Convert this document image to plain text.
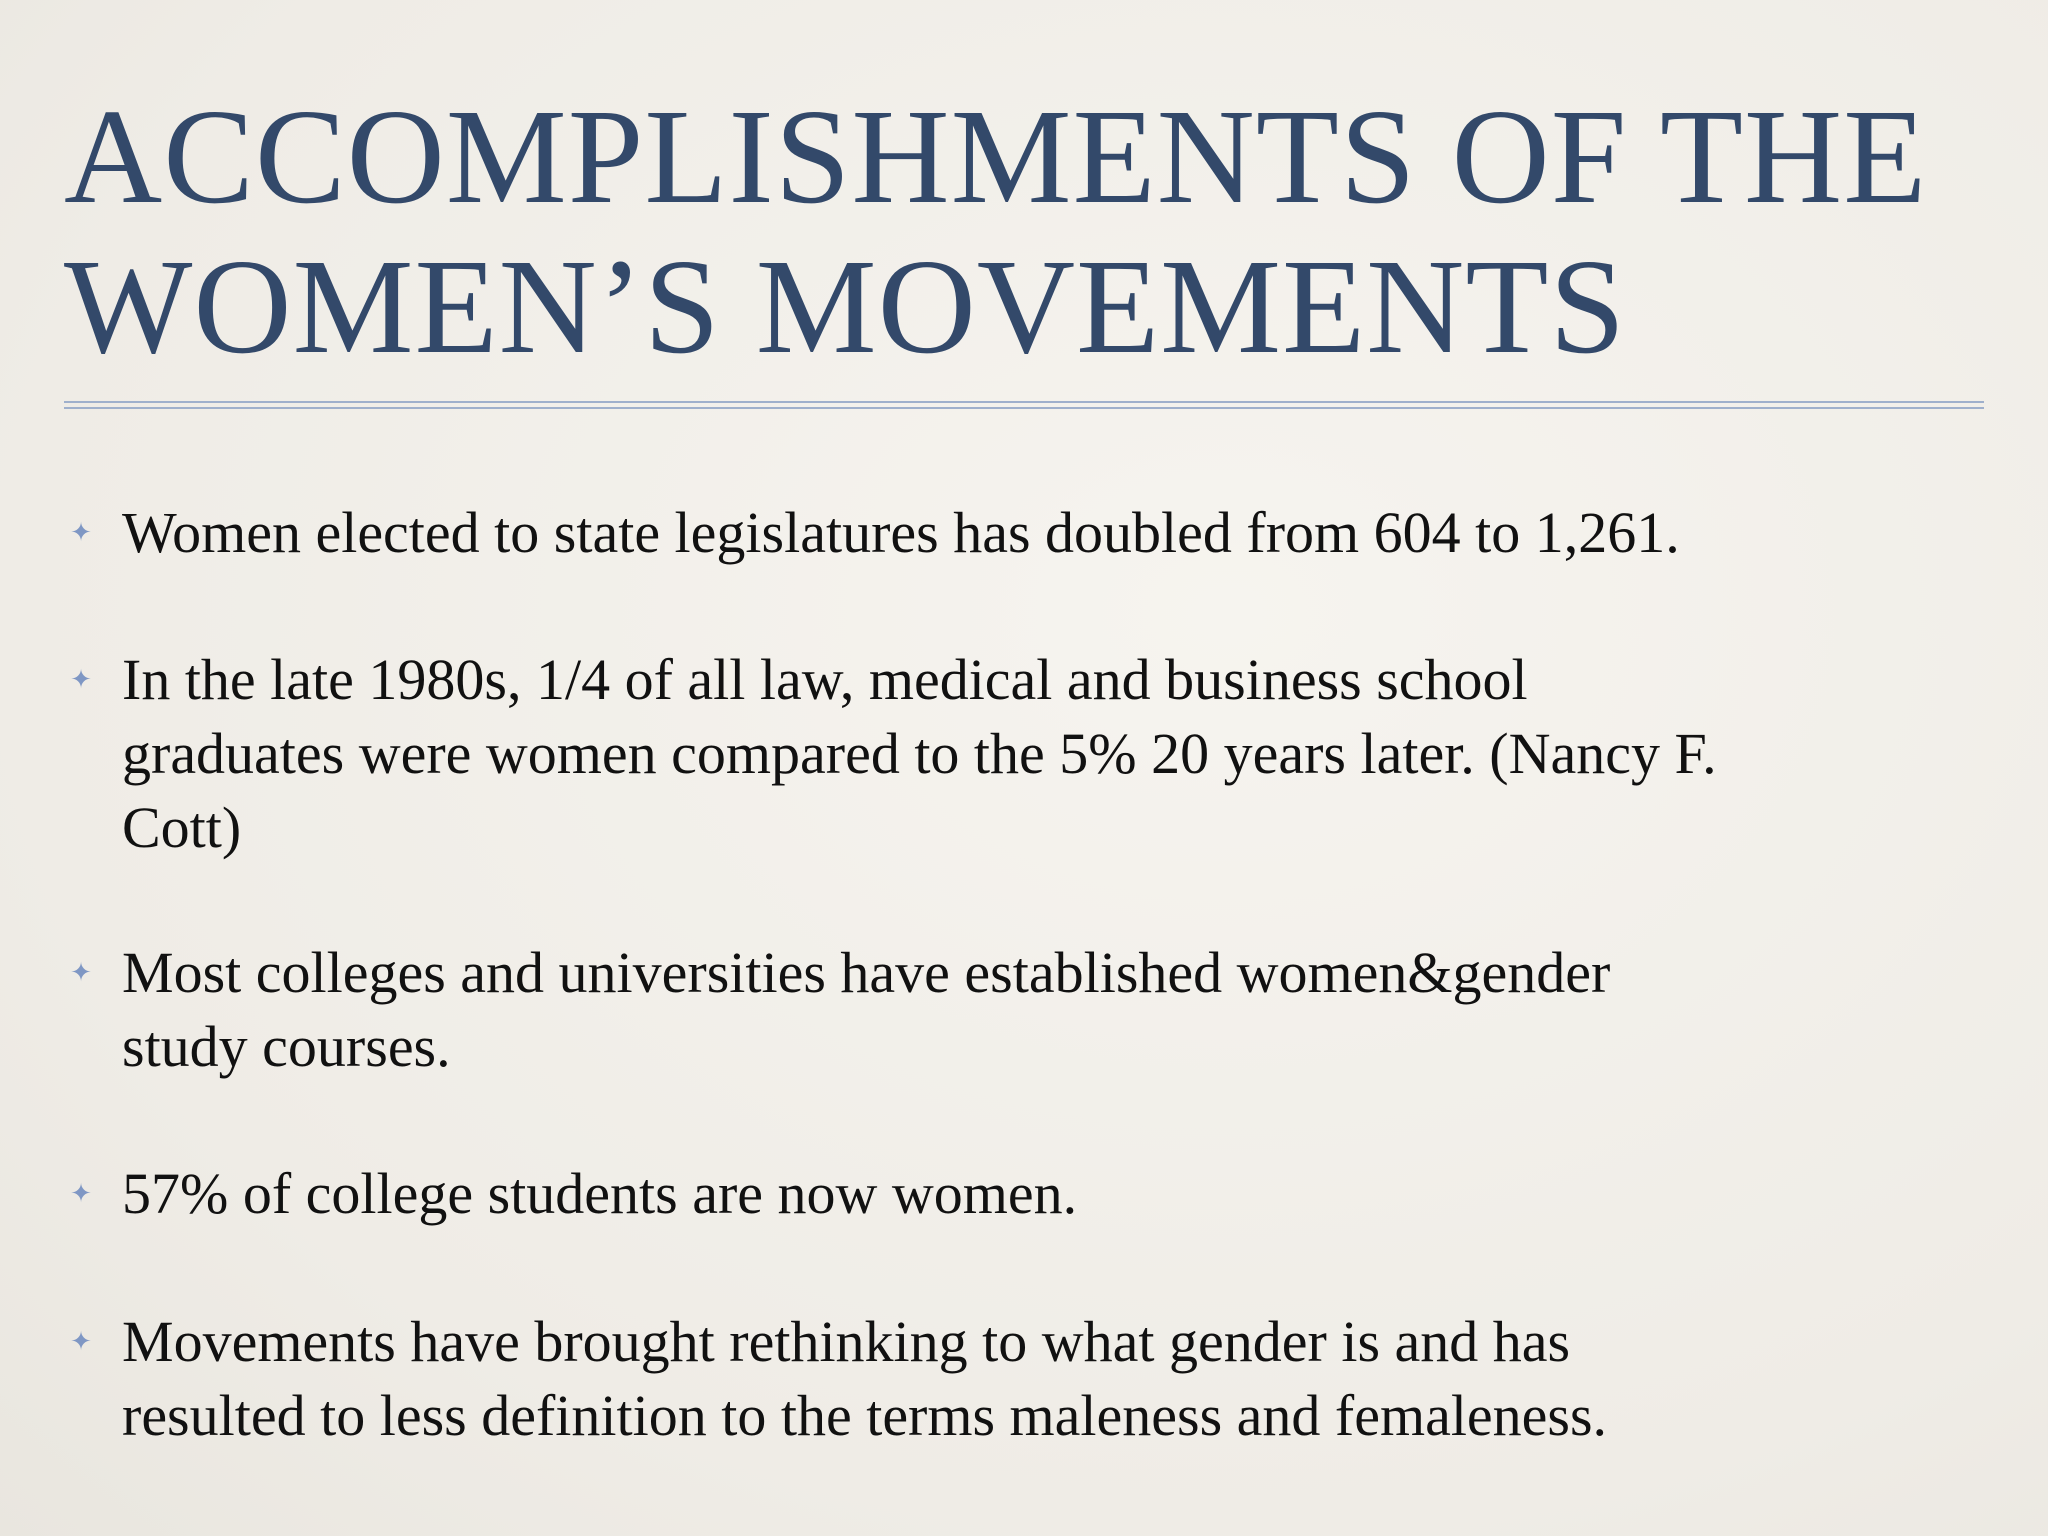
ACCOMPLISHMENTS OF THE
WOMEN’S MOVEMENTS
✦ Women elected to state legislatures has doubled from 604 to 1,261.
✦ In the late 1980s, 1/4 of all law, medical and business school
graduates were women compared to the 5% 20 years later. (Nancy F.
Cott)
✦ Most colleges and universities have established women&gender
study courses.
✦ 57% of college students are now women.
✦ Movements have brought rethinking to what gender is and has
resulted to less definition to the terms maleness and femaleness.
